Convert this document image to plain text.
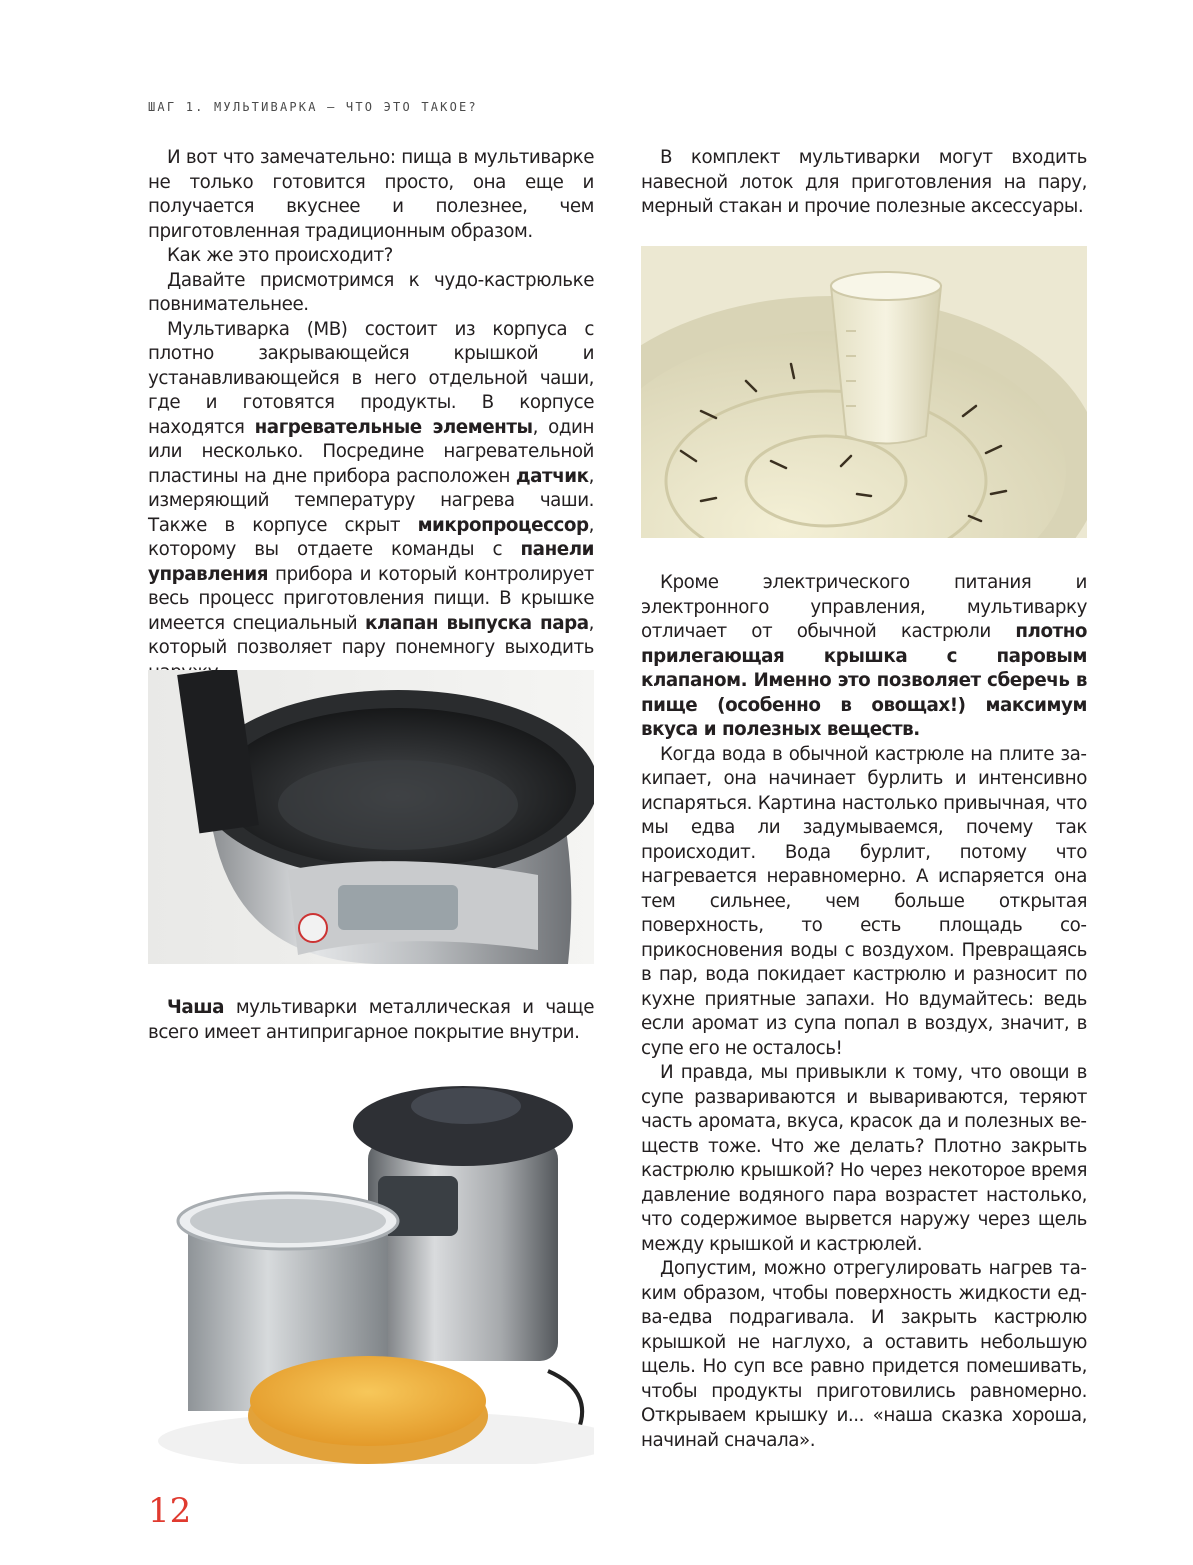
ШАГ 1. МУЛЬТИВАРКА – ЧТО ЭТО ТАКОЕ?

И вот что замечательно: пища в мультиварке не только готовится просто, она еще и получается вкуснее и полезнее, чем приготовленная традиционным образом.

Как же это происходит?

Давайте присмотримся к чудо-кастрюльке повнимательнее.

Мультиварка (МВ) состоит из корпуса с плотно закрывающейся крышкой и устанавливающейся в него отдельной чаши, где и готовятся продукты. В корпусе находятся нагревательные элементы, один или несколько. Посредине нагревательной пластины на дне прибора расположен датчик, измеряющий температуру нагрева чаши. Также в корпусе скрыт микропроцессор, которому вы отдаете команды с панели управления прибора и который контролирует весь процесс приготовления пищи. В крышке имеется специальный клапан выпуска пара, который позволяет пару понемногу выходить

Чаша мультиварки металлическая и чаще всего имеет антипригарное покрытие внутри.

В комплект мультиварки могут входить навесной лоток для приготовления на пару, мерный стакан и прочие полезные аксессуары.

Кроме электрического питания и электронного управления, мультиварку отличает от обычной кастрюли плотно прилегающая крышка с паровым клапаном. Именно это позволяет сберечь в пище (особенно в овощах!) максимум вкуса и полезных веществ.

Когда вода в обычной кастрюле на плите закипает, она начинает бурлить и интенсивно испаряться. Картина настолько привычная, что мы едва ли задумываемся, почему так происходит. Вода бурлит, потому что нагревается неравномерно. А испаряется она тем сильнее, чем больше открытая поверхность, то есть площадь соприкосновения воды с воздухом. Превращаясь в пар, вода покидает кастрюлю и разносит по кухне приятные запахи. Но вдумайтесь: ведь если аромат из супа попал в воздух, значит, в супе его не осталось!

И правда, мы привыкли к тому, что овощи в супе развариваются и вывариваются, теряют часть аромата, вкуса, красок да и полезных веществ тоже. Что же делать? Плотно закрыть кастрюлю крышкой? Но через некоторое время давление водяного пара возрастет настолько, что содержимое вырвется наружу через щель между крышкой и кастрюлей.

Допустим, можно отрегулировать нагрев таким образом, чтобы поверхность жидкости едва-едва подрагивала. И закрыть кастрюлю крышкой не наглухо, а оставить небольшую щель. Но суп все равно придется помешивать, чтобы продукты приготовились равномерно. Открываем крышку и... «наша сказка хороша, начинай сначала».

12
